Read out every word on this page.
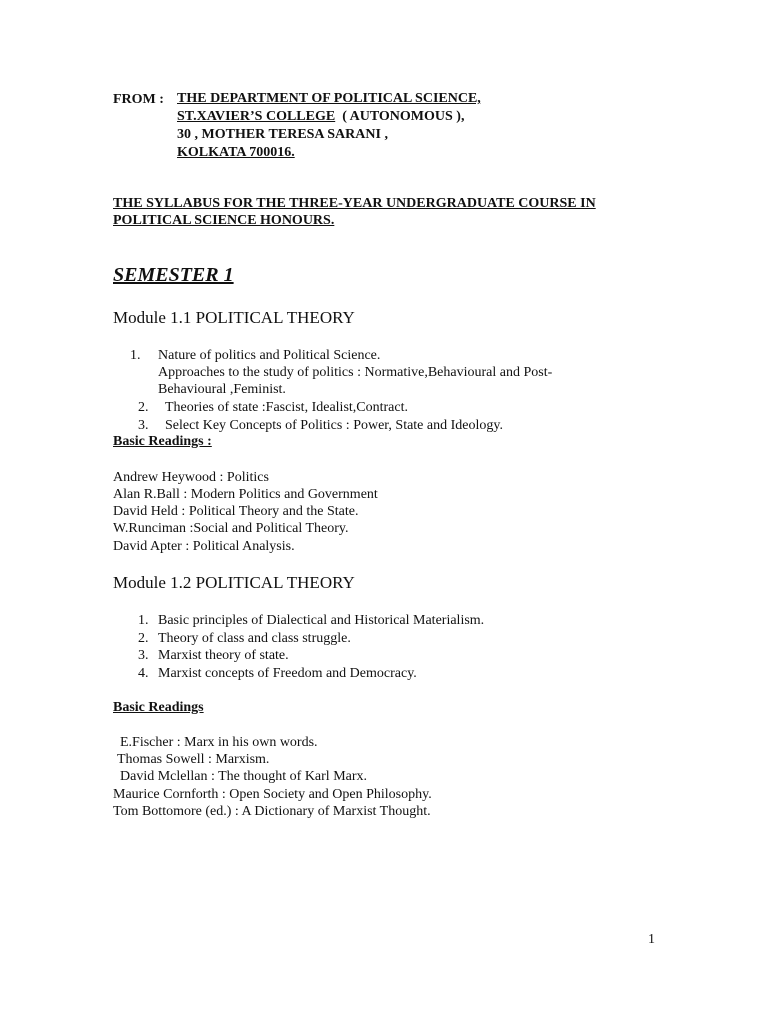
FROM : THE DEPARTMENT OF POLITICAL SCIENCE,
ST.XAVIER’S COLLEGE ( AUTONOMOUS ),
30 , MOTHER TERESA SARANI ,
KOLKATA 700016.
THE SYLLABUS FOR THE THREE-YEAR UNDERGRADUATE COURSE IN
POLITICAL SCIENCE HONOURS.
SEMESTER 1
Module 1.1 POLITICAL THEORY
1. Nature of politics and Political Science.
Approaches to the study of politics : Normative,Behavioural and Post-
Behavioural ,Feminist.
2. Theories of state :Fascist, Idealist,Contract.
3. Select Key Concepts of Politics : Power, State and Ideology.
Basic Readings :
Andrew Heywood : Politics
Alan R.Ball : Modern Politics and Government
David Held : Political Theory and the State.
W.Runciman :Social and Political Theory.
David Apter : Political Analysis.
Module 1.2 POLITICAL THEORY
1. Basic principles of Dialectical and Historical Materialism.
2. Theory of class and class struggle.
3. Marxist theory of state.
4. Marxist concepts of Freedom and Democracy.
Basic Readings
E.Fischer : Marx in his own words.
Thomas Sowell : Marxism.
David Mclellan : The thought of Karl Marx.
Maurice Cornforth : Open Society and Open Philosophy.
Tom Bottomore (ed.) : A Dictionary of Marxist Thought.
1
